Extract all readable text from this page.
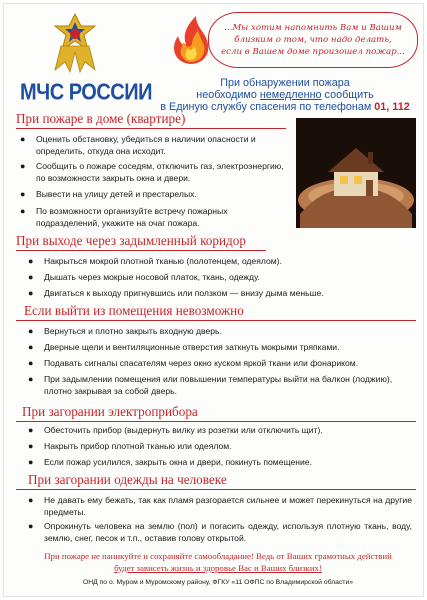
МЧС РОССИИ
...Мы хотим напомнить Вам и Вашим
близким о том, что надо делать,
если в Вашем доме произошел пожар...
При обнаружении пожара
необходимо немедленно сообщить
в Единую службу спасения по телефонам 01, 112
При пожаре в доме (квартире)
●	Оценить обстановку, убедиться в наличии опасности и определить, откуда она исходит.
●	Сообщить о пожаре соседям, отключить газ, электроэнергию, по возможности закрыть окна и двери.
●	Вывести на улицу детей и престарелых.
●	По возможности организуйте встречу пожарных подразделений, укажите на очаг пожара.
При выходе через задымленный коридор
●	Накрыться мокрой плотной тканью (полотенцем, одеялом).
●	Дышать через мокрые носовой платок, ткань, одежду.
●	Двигаться к выходу пригнувшись или ползком — внизу дыма меньше.
Если выйти из помещения невозможно
●	Вернуться и плотно закрыть входную дверь.
●	Дверные щели и вентиляционные отверстия заткнуть мокрыми тряпками.
●	Подавать сигналы спасателям через окно куском яркой ткани или фонариком.
●	При задымлении помещения или повышении температуры выйти на балкон (лоджию), плотно закрывая за собой дверь.
При загорании электроприбора
●	Обесточить прибор (выдернуть вилку из розетки или отключить щит).
●	Накрыть прибор плотной тканью или одеялом.
●	Если пожар усилился, закрыть окна и двери, покинуть помещение.
При загорании одежды на человеке
●	Не давать ему бежать, так как пламя разгорается сильнее и может перекинуться на другие предметы.
●	Опрокинуть человека на землю (пол) и погасить одежду, используя плотную ткань, воду, землю, снег, песок и т.п., оставив голову открытой.
При пожаре не паникуйте и сохраняйте самообладание! Ведь от Ваших грамотных действий
будет зависеть жизнь и здоровье Вас и Ваших близких!
ОНД по о. Муром и Муромскому району, ФГКУ «11 ОФПС по Владимирской области»
